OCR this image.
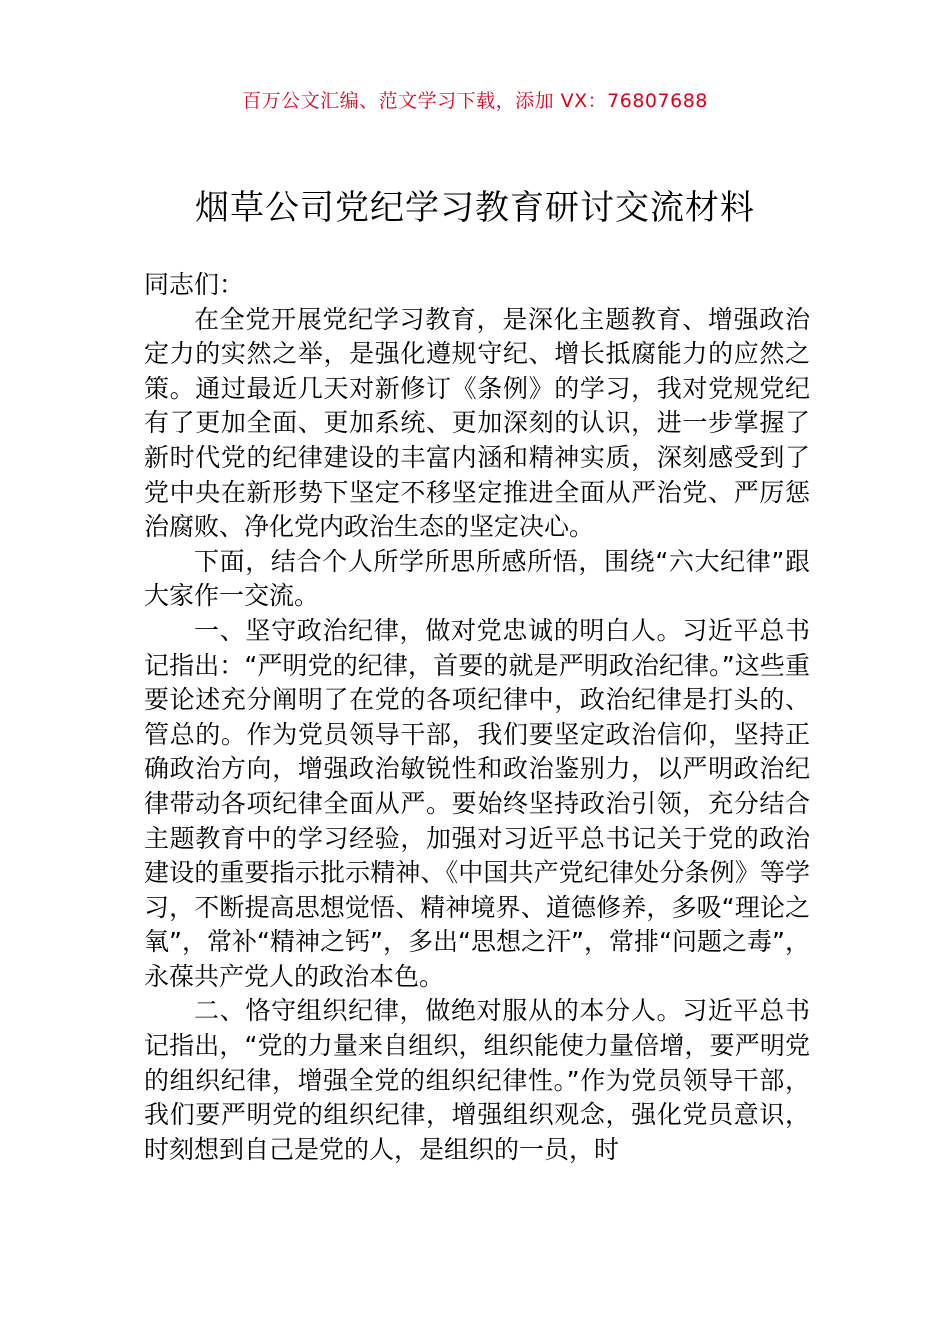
百万公文汇编、范文学习下载，添加 VX：76807688
烟草公司党纪学习教育研讨交流材料

同志们：

在全党开展党纪学习教育，是深化主题教育、增强政治定力的实然之举，是强化遵规守纪、增长抵腐能力的应然之策。通过最近几天对新修订《条例》的学习，我对党规党纪有了更加全面、更加系统、更加深刻的认识，进一步掌握了新时代党的纪律建设的丰富内涵和精神实质，深刻感受到了党中央在新形势下坚定不移坚定推进全面从严治党、严厉惩治腐败、净化党内政治生态的坚定决心。

下面，结合个人所学所思所感所悟，围绕“六大纪律”跟大家作一交流。

一、坚守政治纪律，做对党忠诚的明白人。习近平总书记指出：“严明党的纪律，首要的就是严明政治纪律。”这些重要论述充分阐明了在党的各项纪律中，政治纪律是打头的、管总的。作为党员领导干部，我们要坚定政治信仰，坚持正确政治方向，增强政治敏锐性和政治鉴别力，以严明政治纪律带动各项纪律全面从严。要始终坚持政治引领，充分结合主题教育中的学习经验，加强对习近平总书记关于党的政治建设的重要指示批示精神、《中国共产党纪律处分条例》等学习，不断提高思想觉悟、精神境界、道德修养，多吸“理论之氧”，常补“精神之钙”，多出“思想之汗”，常排“问题之毒”，永葆共产党人的政治本色。

二、恪守组织纪律，做绝对服从的本分人。习近平总书记指出，“党的力量来自组织，组织能使力量倍增，要严明党的组织纪律，增强全党的组织纪律性。”作为党员领导干部，我们要严明党的组织纪律，增强组织观念，强化党员意识，时刻想到自己是党的人，是组织的一员，时
